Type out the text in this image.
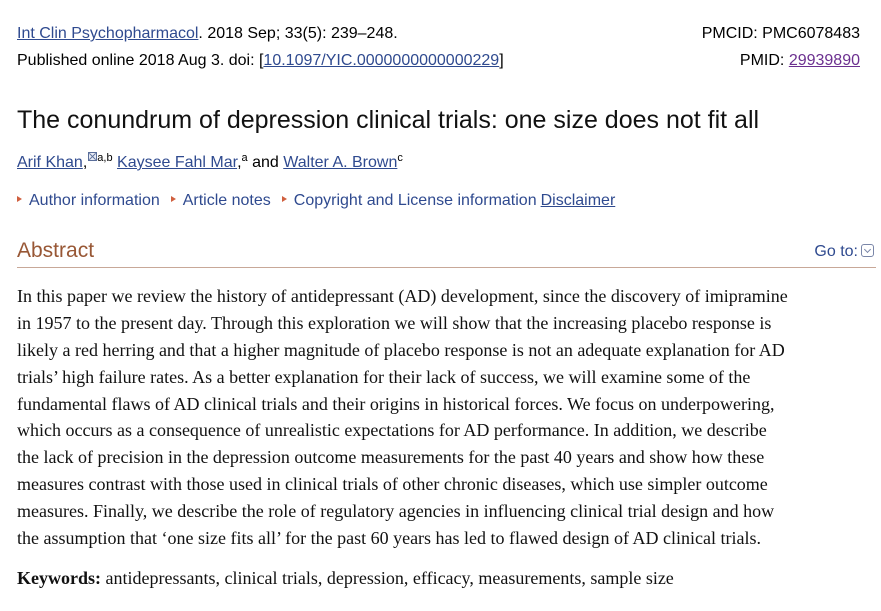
Int Clin Psychopharmacol. 2018 Sep; 33(5): 239–248.	PMCID: PMC6078483
Published online 2018 Aug 3. doi: [10.1097/YIC.0000000000000229]	PMID: 29939890
The conundrum of depression clinical trials: one size does not fit all
Arif Khan, $^{a,b}$ Kaysee Fahl Mar,$^a$ and Walter A. Brown$^c$
Author information Article notes Copyright and License information Disclaimer
Abstract	Go to:
In this paper we review the history of antidepressant (AD) development, since the discovery of imipramine
in 1957 to the present day. Through this exploration we will show that the increasing placebo response is
likely a red herring and that a higher magnitude of placebo response is not an adequate explanation for AD
trials’ high failure rates. As a better explanation for their lack of success, we will examine some of the
fundamental flaws of AD clinical trials and their origins in historical forces. We focus on underpowering,
which occurs as a consequence of unrealistic expectations for AD performance. In addition, we describe
the lack of precision in the depression outcome measurements for the past 40 years and show how these
measures contrast with those used in clinical trials of other chronic diseases, which use simpler outcome
measures. Finally, we describe the role of regulatory agencies in influencing clinical trial design and how
the assumption that ‘one size fits all’ for the past 60 years has led to flawed design of AD clinical trials.
Keywords: antidepressants, clinical trials, depression, efficacy, measurements, sample size
